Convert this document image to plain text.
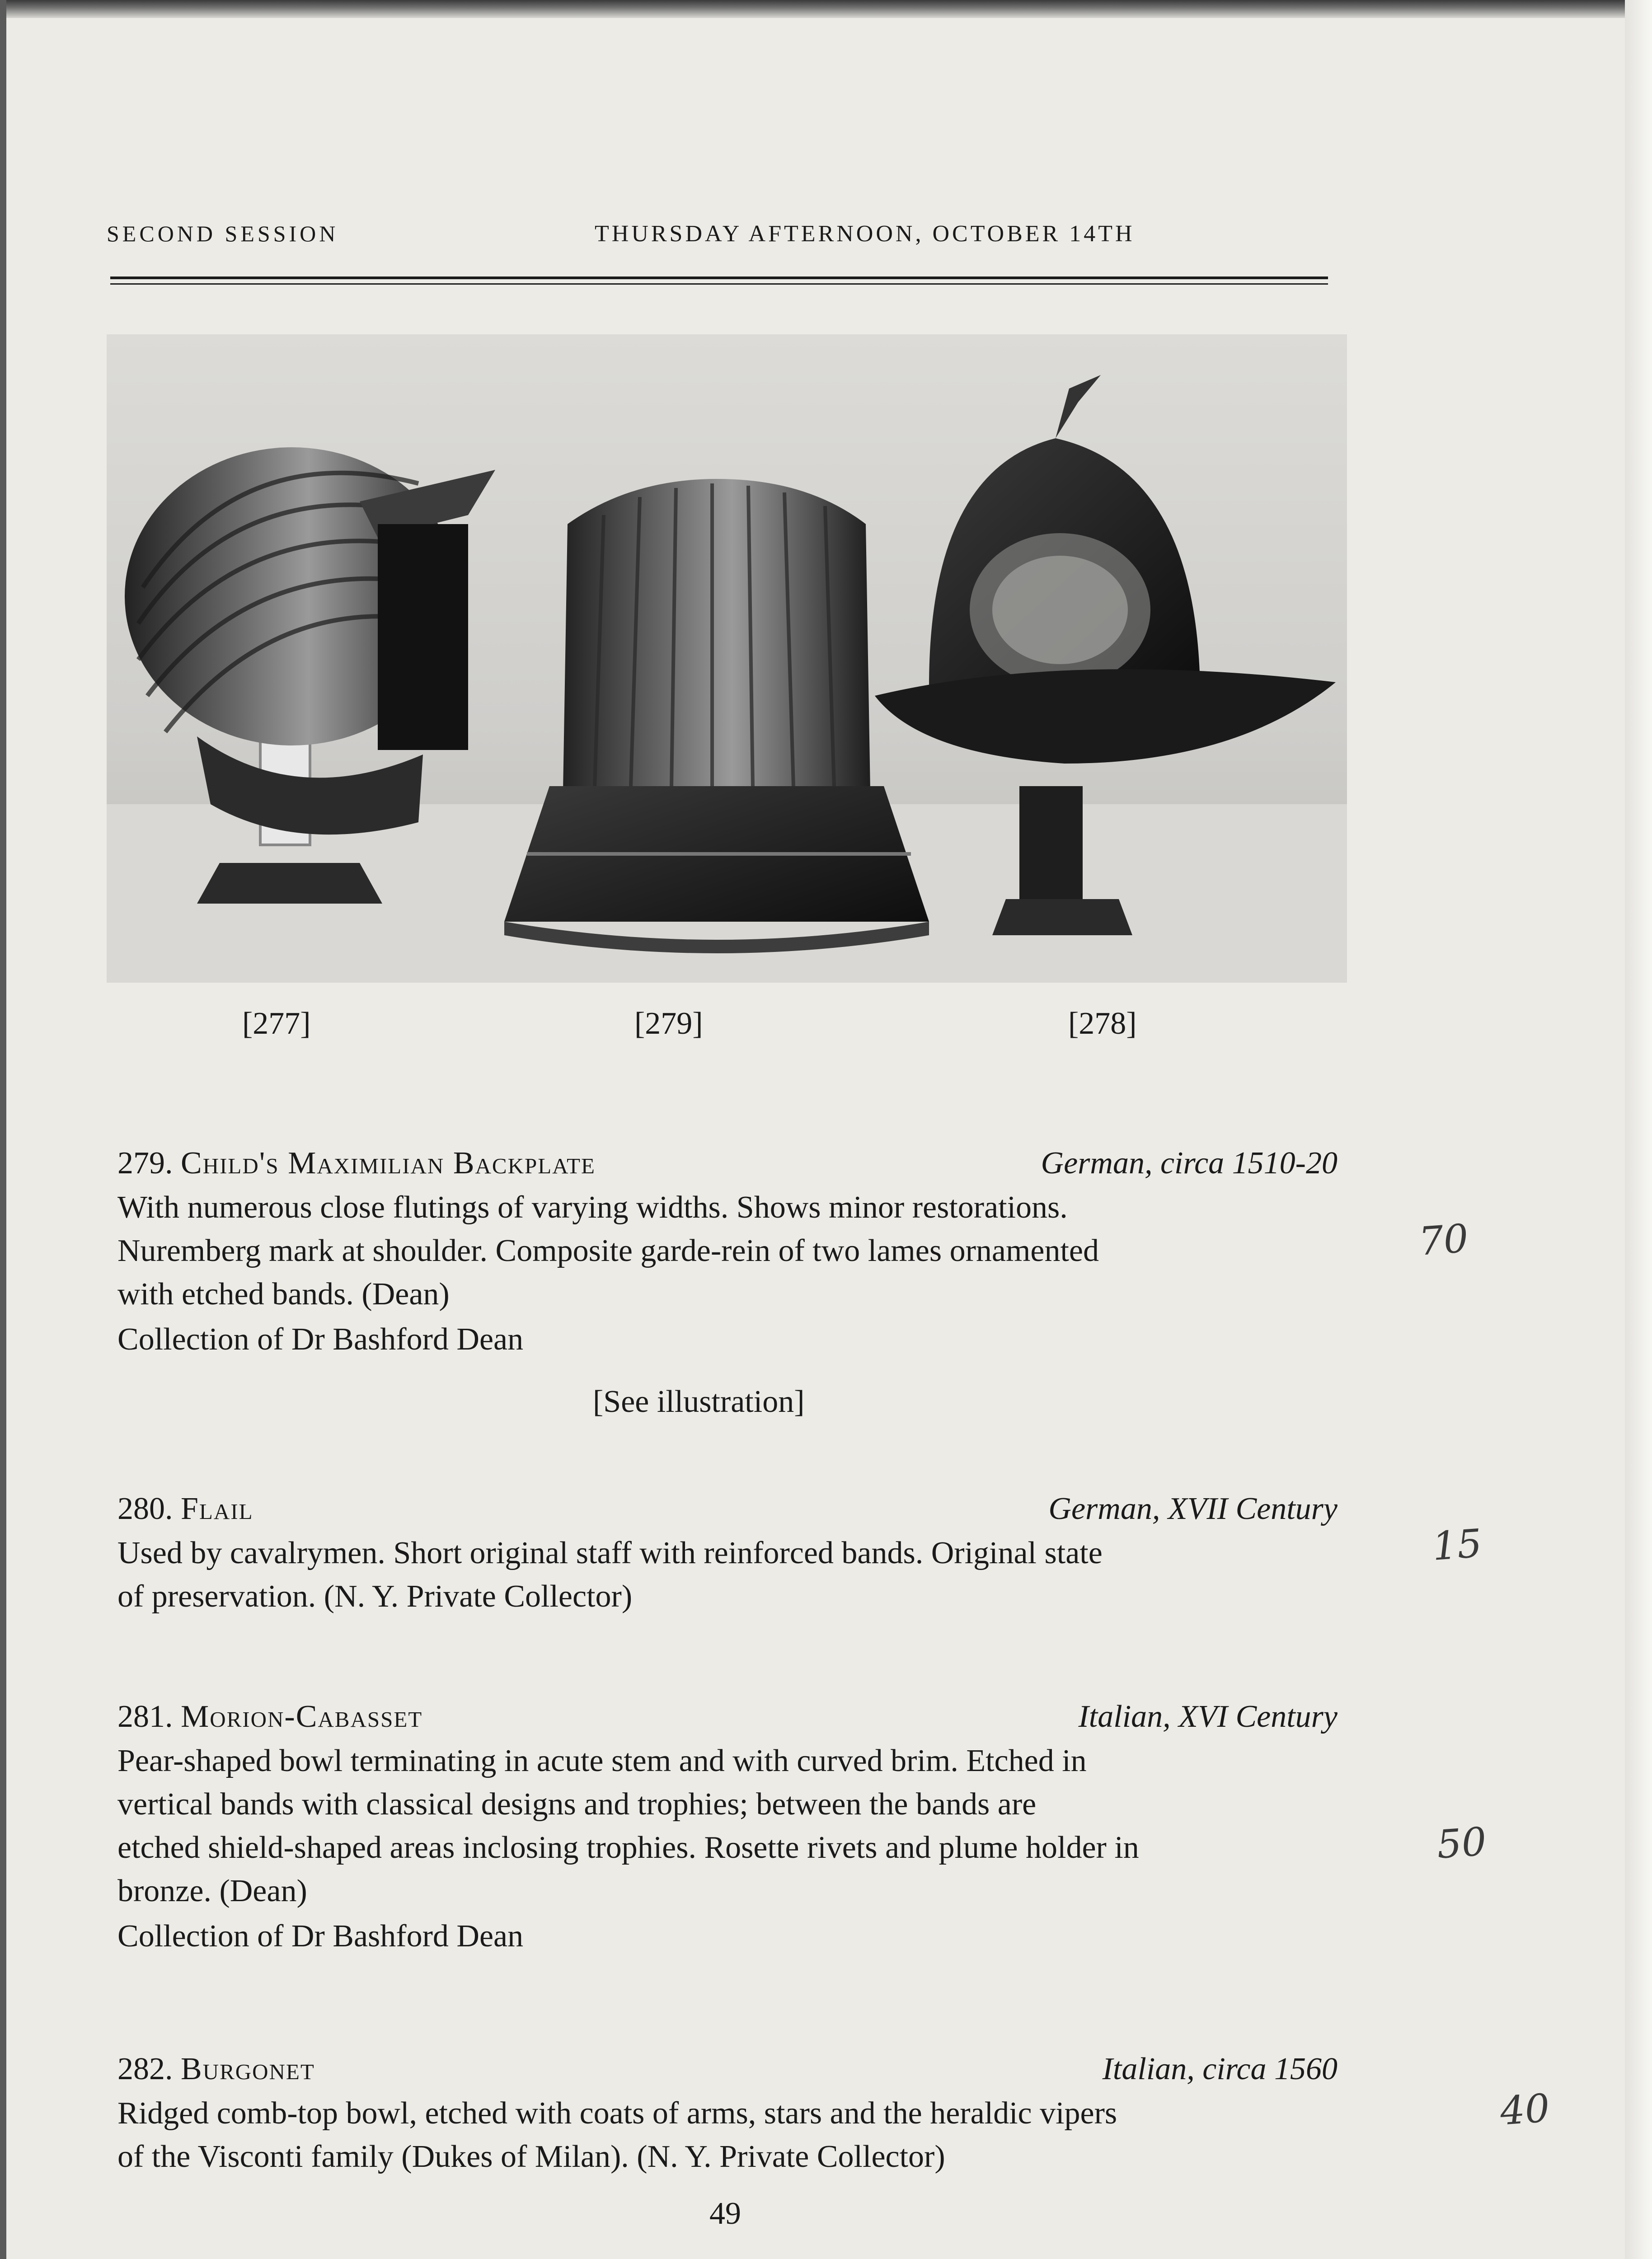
SECOND SESSION	THURSDAY AFTERNOON, OCTOBER 14TH
[277]	[279]	[278]
279. Child's Maximilian Backplate	German, circa 1510-20
With numerous close flutings of varying widths. Shows minor restorations.
Nuremberg mark at shoulder. Composite garde-rein of two lames ornamented
with etched bands. (Dean)
Collection of Dr Bashford Dean
[See illustration]
70
280. Flail	German, XVII Century
Used by cavalrymen. Short original staff with reinforced bands. Original state
of preservation. (N. Y. Private Collector)
15
281. Morion-Cabasset	Italian, XVI Century
Pear-shaped bowl terminating in acute stem and with curved brim. Etched in
vertical bands with classical designs and trophies; between the bands are
etched shield-shaped areas inclosing trophies. Rosette rivets and plume holder in
bronze. (Dean)
Collection of Dr Bashford Dean
50
282. Burgonet	Italian, circa 1560
Ridged comb-top bowl, etched with coats of arms, stars and the heraldic vipers
of the Visconti family (Dukes of Milan). (N. Y. Private Collector)
40
49
